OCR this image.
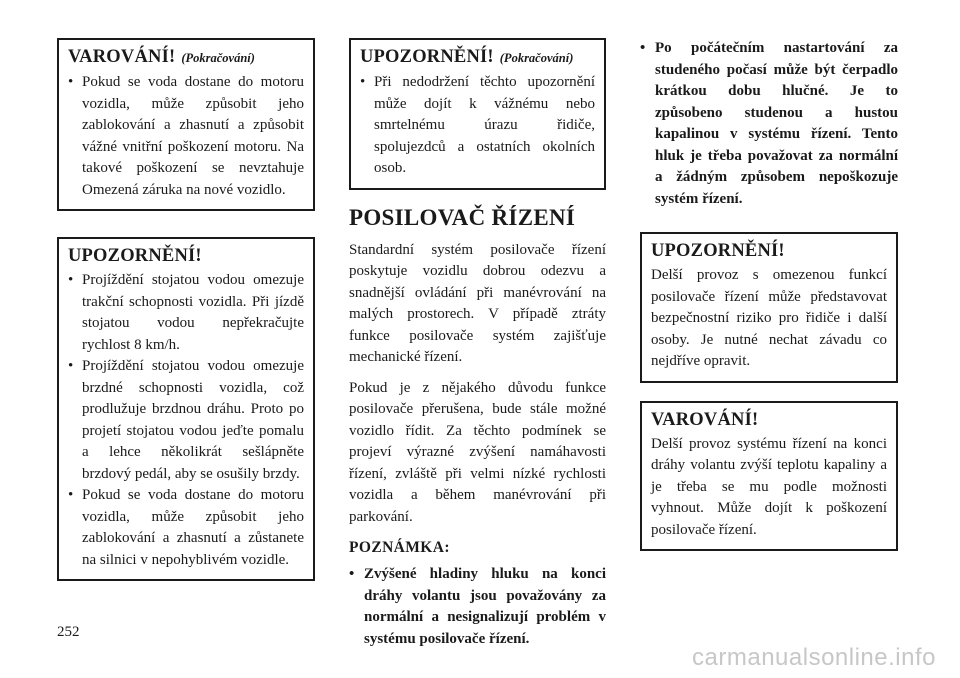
VAROVÁNÍ! (Pokračování)
• Pokud se voda dostane do motoru vozidla, může způsobit jeho zablokování a zhasnutí a způsobit vážné vnitřní poškození motoru. Na takové poškození se nevztahuje Omezená záruka na nové vozidlo.
UPOZORNĚNÍ!
• Projíždění stojatou vodou omezuje trakční schopnosti vozidla. Při jízdě stojatou vodou nepřekračujte rychlost 8 km/h.
• Projíždění stojatou vodou omezuje brzdné schopnosti vozidla, což prodlužuje brzdnou dráhu. Proto po projetí stojatou vodou jeďte pomalu a lehce několikrát sešlápněte brzdový pedál, aby se osušily brzdy.
• Pokud se voda dostane do motoru vozidla, může způsobit jeho zablokování a zhasnutí a zůstanete na silnici v nepohyblivém vozidle.
UPOZORNĚNÍ! (Pokračování)
• Při nedodržení těchto upozornění může dojít k vážnému nebo smrtelnému úrazu řidiče, spolujezdců a ostatních okolních osob.
POSILOVAČ ŘÍZENÍ

Standardní systém posilovače řízení poskytuje vozidlu dobrou odezvu a snadnější ovládání při manévrování na malých prostorech. V případě ztráty funkce posilovače systém zajišťuje mechanické řízení.

Pokud je z nějakého důvodu funkce posilovače přerušena, bude stále možné vozidlo řídit. Za těchto podmínek se projeví výrazné zvýšení namáhavosti řízení, zvláště při velmi nízké rychlosti vozidla a během manévrování při parkování.

POZNÁMKA:
• Zvýšené hladiny hluku na konci dráhy volantu jsou považovány za normální a nesignalizují problém v systému posilovače řízení.
• Po počátečním nastartování za studeného počasí může být čerpadlo krátkou dobu hlučné. Je to způsobeno studenou a hustou kapalinou v systému řízení. Tento hluk je třeba považovat za normální a žádným způsobem nepoškozuje systém řízení.
UPOZORNĚNÍ!

Delší provoz s omezenou funkcí posilovače řízení může představovat bezpečnostní riziko pro řidiče i další osoby. Je nutné nechat závadu co nejdříve opravit.

VAROVÁNÍ!

Delší provoz systému řízení na konci dráhy volantu zvýší teplotu kapaliny a je třeba se mu podle možnosti vyhnout. Může dojít k poškození posilovače řízení.

252
carmanualsonline.info
